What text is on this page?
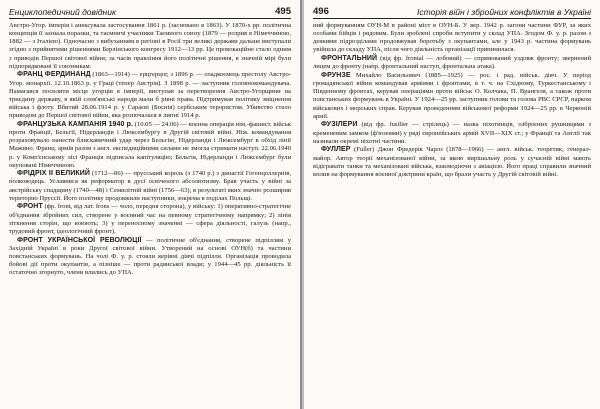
Енциклопедичний довідник	495

Австро-Угор. імперія і анексувала застосування 1861 р. (засновано в 1863). У 1870-х рр. політична концепція її зазнала поразки, та таємничі учасники Таємного союзу (1879 — розрив в Німеччиною, 1882 — з Італією). Одночасно з вибуханням в регіоні в Росії три великі держави дальше виступали згідно з прийнятими рішеннями Берлінського конгресу 1912—13 рр. Це провокаційне стало одним з приводів Першої світової війни; за часів правління його політичні рішення, в значній мірі були підпорядковані її союзникам.

ФРАНЦ ФЕРДИНАНД (1863—1914) — ерцгерцог, з 1896 р. — спадкоємець престолу Австро-Угор. монархії. 12.10.1863 р. у Граці (тепер Австрія). З 1898 р. — заступник головнокомандувача. Намагався посилити місце угорців в імперії, виступав за перетворення Австро-Угорщини на триєдину державу, в якій слов'янські народи мали б рівні права. Підтримував політику зміцнення війська і флоту. Вбитий 28.06.1914 р. у Сараєві (Боснія) сербським терористом. Убивство стало приводом до Першої світової війни, яка розпочалася в липні 1914 р.

ФРАНЦУЗЬКА КАМПАНІЯ 1940 р. (10.05 — 24.06) — воєнна операція нім.-фашист. військ проти Франції, Бельгії, Нідерландів і Люксембургу в Другій світовій війні. Нім. командування розраховувало нанести блискавичний удар через Бельгію, Нідерланди і Люксембург в обхід лінії Мажино. Франц. армія разом з англ. експедиційними силами не змогла стримати наступ. 22.06.1940 р. у Комп'єнському лісі Франція підписала капітуляцію; Бельгія, Нідерланди і Люксембург були окуповані Німеччиною.

ФРІДРІХ II ВЕЛИКИЙ (1712—86) — прусський король (з 1740 р.) з династії Гогенцоллернів, полководець. Уславився як реформатор в дусі освіченого абсолютизму. Брав участь у війні за австрійську спадщину (1740—48) і Семилітній війні (1756—63), в результаті яких значно розширив територію Пруссії. Його політику продовжили наступники, зокрема в поділах Польщі.

ФРОНТ (фр. front, від лат. frons — чоло, передня сторона), у війську: 1) оперативно-стратегічне об'єднання збройних сил, створене у воєнний час на певному стратегічному напрямку; 2) лінія зіткнення сторін, що воюють; 3) у переносному значенні — сфера діяльності, галузь (напр., трудовий фронт, ідеологічний фронт).

ФРОНТ УКРАЇНСЬКОЇ РЕВОЛЮЦІЇ — політичне об'єднання, створене підпіллям у Західній Україні в роки Другої світової війни. Утворений на основі ОУН(б) та частини повстанських формувань. На чолі Ф. у. р. стояли керівні діячі підпілля. Організація проводила бойові дії проти окупантів, а пізніше — проти радянської влади; у 1944—45 рр. діяльність її остаточно згорнуто, члени влились до УПА.

496	Історія війн і збройних конфліктів в Україні

ний формуванням ОУН-М в районі міст в ОУН-Б. У вер. 1942 р. загони частини ФУР, за яких особами бійців і рядовим. Були зроблені спроби вступити у склад УПА. Згодом Ф. у. р. разом з деякими підрозділами продовжував боротьбу з окупантами, але у 1943 р. частина формувань увійшла до складу УПА, після чого діяльність організації припинилася.

ФРОНТАЛЬНИЙ (від фр. frontal — лобовий) — спрямований уздовж фронту; звернений лицем до фронту (напр. фронтальний наступ, фронтальна атака).

ФРУНЗЕ Михайло Васильович (1885—1925) — рос. і рад. військ. діяч. У період громадянської війни командував арміями і фронтами, в т. ч. на Східному, Туркестанському і Південному фронтах, керував операціями проти військ О. Колчака, П. Врангеля, а також проти повстанських формувань в Україні. У 1924—25 рр. заступник голови та голова РВС СРСР, нарком військових і морських справ. Керував проведенням військової реформи 1924—25 рр. в Червоній армії.

ФУЗІЛЕРИ (від фр. fusilier — стрілець) — назва піхотинців, озброєних рушницями з кременевим замком (ф'юзеями) у ряді європейських армій XVII—XIX ст.; у Франції та Англії так називали окремі піхотні частини.

ФУЛЛЕР (Fuller) Джон Фредерік Чарлз (1878—1966) — англ. військ. теоретик, генерал-майор. Автор теорії механізованої війни, за якою вирішальну роль у сучасній війні мають відігравати танки та механізовані війська, взаємодіючи з авіацією. Його праці справили значний вплив на формування воєнної доктрини країн, що брали участь у Другій світовій війні.
